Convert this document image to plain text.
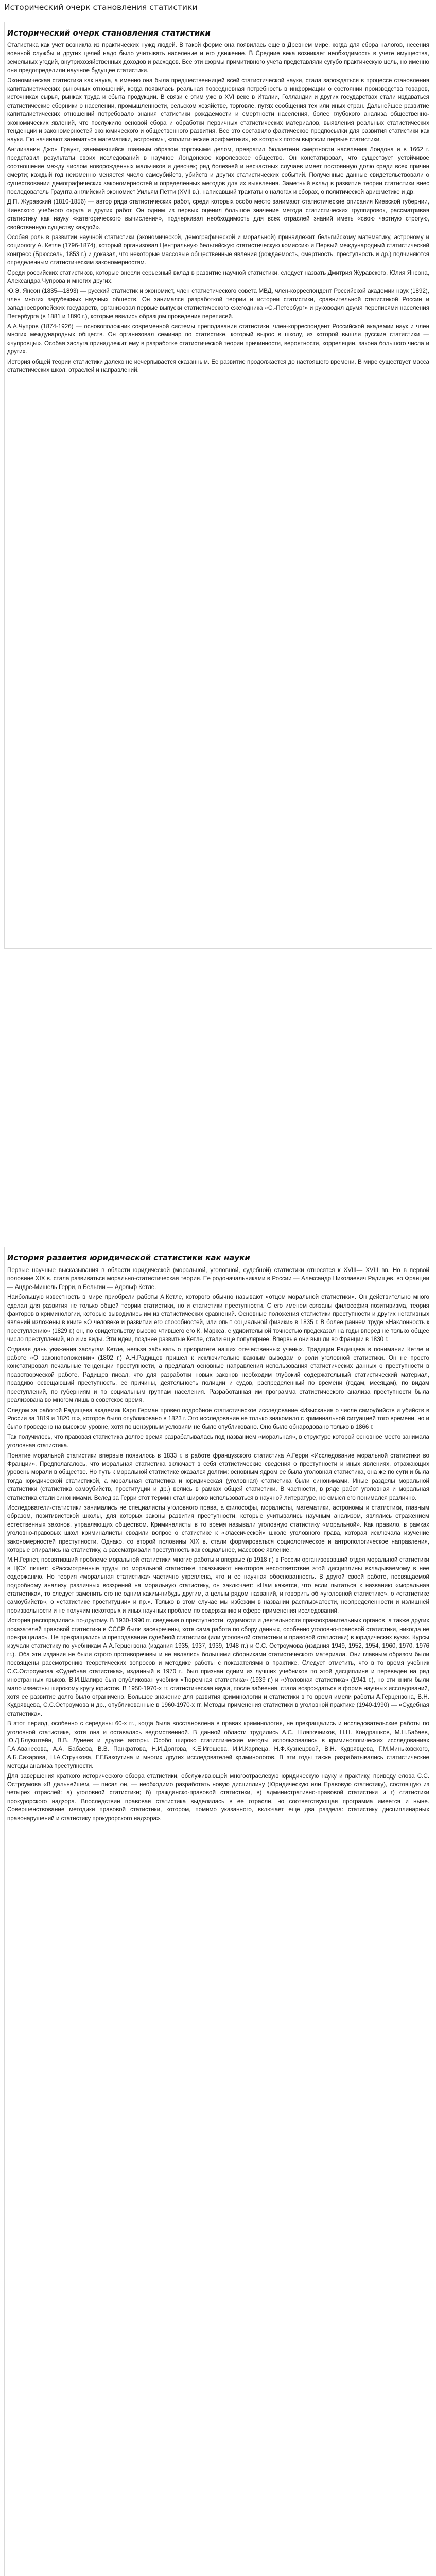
Исторический очерк становления статистики
Исторический очерк становления статистики

Статистика как учет возникла из практических нужд людей. В такой форме она появилась еще в Древнем мире, когда для сбора налогов, несения военной службы и других целей надо было учитывать население и его движение. В Средние века возникает необходимость в учете имущества, земельных угодий, внутрихозяйственных доходов и расходов. Все эти формы примитивного учета представляли сугубо практическую цель, но именно они предопределили научное будущее статистики.

Экономическая статистика как наука, а именно она была предшественницей всей статистической науки, стала зарождаться в процессе становления капиталистических рыночных отношений, когда появилась реальная повседневная потребность в информации о состоянии производства товаров, источниках сырья, рынках труда и сбыта продукции. В связи с этим уже в XVI веке в Италии, Голландии и других государствах стали издаваться статистические сборники о населении, промышленности, сельском хозяйстве, торговле, путях сообщения тех или иных стран. Дальнейшее развитие капиталистических отношений потребовало знания статистики рождаемости и смертности населения, более глубокого анализа общественно-экономических явлений, что послужило основой сбора и обработки первичных статистических материалов, выявления реальных статистических тенденций и закономерностей экономического и общественного развития. Все это составило фактическое предпосылки для развития статистики как науки. Ею начинают заниматься математики, астрономы, «политические арифметики», из которых потом выросли первые статистики.

Англичанин Джон Граунт, занимавшийся главным образом торговыми делом, превратил бюллетени смертности населения Лондона и в 1662 г. представил результаты своих исследований в научное Лондонское королевское общество. Он констатировал, что существует устойчивое соотношение между числом новорожденных мальчиков и девочек; ряд болезней и несчастных случаев имеет постоянную долю среди всех причин смерти; каждый год неизменно меняется число самоубийств, убийств и других статистических событий. Полученные данные свидетельствовали о существовании демографических закономерностей и определенных методов для их выявления. Заметный вклад в развитие теории статистики внес последователь Граунта английский экономист Уильям Петти (XVII в.), написавший трактаты о налогах и сборах, о политической арифметике и др.

Д.П. Журавский (1810-1856) — автор ряда статистических работ, среди которых особо место занимают статистические описания Киевской губернии, Киевского учебного округа и других работ. Он одним из первых оценил большое значение метода статистических группировок, рассматривая статистику как науку «категорического вычисления», подчеркивал необходимость для всех отраслей знаний иметь «свою частную строгую, свойственную существу каждой».

Особая роль в развитии научной статистики (экономической, демографической и моральной) принадлежит бельгийскому математику, астроному и социологу А. Кетле (1796-1874), который организовал Центральную бельгийскую статистическую комиссию и Первый международный статистический конгресс (Брюссель, 1853 г.) и доказал, что некоторые массовые общественные явления (рождаемость, смертность, преступность и др.) подчиняются определенным статистическим закономерностям.

Среди российских статистиков, которые внесли серьезный вклад в развитие научной статистики, следует назвать Дмитрия Журавского, Юлия Янсона, Александра Чупрова и многих других.

Ю.Э. Янсон (1835—1893) — русский статистик и экономист, член статистического совета МВД, член-корреспондент Российской академии наук (1892), член многих зарубежных научных обществ. Он занимался разработкой теории и истории статистики, сравнительной статистикой России и западноевропейских государств, организовал первые выпуски статистического ежегодника «С.-Петербург» и руководил двумя переписями населения Петербурга (в 1881 и 1890 г.), которые явились образцом проведения переписей.

А.А.Чупров (1874-1926) — основоположник современной системы преподавания статистики, член-корреспондент Российской академии наук и член многих международных обществ. Он организовал семинар по статистике, который вырос в школу, из которой вышли русские статистики — «чупровцы». Особая заслуга принадлежит ему в разработке статистической теории причинности, вероятности, корреляции, закона большого числа и других.

История общей теории статистики далеко не исчерпывается сказанным. Ее развитие продолжается до настоящего времени. В мире существует масса статистических школ, отраслей и направлений.

История развития юридической статистики как науки

Первые научные высказывания в области юридической (моральной, уголовной, судебной) статистики относятся к XVIII— XVIII вв. Но в первой половине XIX в. стала развиваться морально-статистическая теория. Ее родоначальниками в России — Александр Николаевич Радищев, во Франции — Андре-Мишель Герри, в Бельгии — Адольф Кетле.

Наибольшую известность в мире приобрели работы А.Кетле, которого обычно называют «отцом моральной статистики». Он действительно много сделал для развития не только общей теории статистики, но и статистики преступности. С его именем связаны философия позитивизма, теория факторов в криминологии, которые выводились им из статистических сравнений. Основные положения статистики преступности и других негативных явлений изложены в книге «О человеке и развитии его способностей, или опыт социальной физики» в 1835 г. В более раннем труде «Наклонность к преступлению» (1829 г.) он, по свидетельству высоко чтившего его К. Маркса, с удивительной точностью предсказал на годы вперед не только общее число преступлений, но и их виды. Эти идеи, позднее развитые Кетле, стали еще популярнее. Впервые они вышли во Франции в 1830 г.

Отдавая дань уважения заслугам Кетле, нельзя забывать о приоритете наших отечественных ученых. Традиции Радищева в понимании Кетле и работе «О законоположении» (1802 г.) А.Н.Радищев пришел к исключительно важным выводам о роли уголовной статистики. Он не просто констатировал печальные тенденции преступности, а предлагал основные направления использования статистических данных о преступности в правотворческой работе. Радищев писал, что для разработки новых законов необходим глубокий содержательный статистический материал, правдиво освещающий преступность, ее причины, деятельность полиции и судов, распределенный по времени (годам, месяцам), по видам преступлений, по губерниям и по социальным группам населения. Разработанная им программа статистического анализа преступности была реализована во многом лишь в советское время.

Следом за работой Радищева академик Карл Герман провел подробное статистическое исследование «Изыскания о числе самоубийств и убийств в России за 1819 и 1820 гг.», которое было опубликовано в 1823 г. Это исследование не только знакомило с криминальной ситуацией того времени, но и было проведено на высоком уровне, хотя по цензурным условиям не было опубликовано. Оно было обнародовано только в 1866 г.

Так получилось, что правовая статистика долгое время разрабатывалась под названием «моральная», в структуре которой основное место занимала уголовная статистика.

Понятие моральной статистики впервые появилось в 1833 г. в работе французского статистика А.Герри «Исследование моральной статистики во Франции». Предполагалось, что моральная статистика включает в себя статистические сведения о преступности и иных явлениях, отражающих уровень морали в обществе. Но путь к моральной статистике оказался долгим: основным ядром ее была уголовная статистика, она же по сути и была тогда юридической статистикой, а моральная статистика и юридическая (уголовная) статистика были синонимами. Иные разделы моральной статистики (статистика самоубийств, проституции и др.) велись в рамках общей статистики. В частности, в ряде работ уголовная и моральная статистика стали синонимами. Вслед за Герри этот термин стал широко использоваться в научной литературе, но смысл его понимался различно.

Исследователи-статистики занимались не специалисты уголовного права, а философы, моралисты, математики, астрономы и статистики, главным образом, позитивистской школы, для которых законы развития преступности, которые учитывались научным анализом, являлись отражением естественных законов, управляющих обществом. Криминалисты в то время называли уголовную статистику «моральной». Как правило, в рамках уголовно-правовых школ криминалисты сводили вопрос о статистике к «классической» школе уголовного права, которая исключала изучение закономерностей преступности. Однако, со второй половины XIX в. стали формироваться социологическое и антропологическое направления, которые опирались на статистику, а рассматривали преступность как социальное, массовое явление.

М.Н.Гернет, посвятивший проблеме моральной статистики многие работы и впервые (в 1918 г.) в России организовавший отдел моральной статистики в ЦСУ, пишет: «Рассмотренные труды по моральной статистике показывают некоторое несоответствие этой дисциплины вкладываемому в нее содержанию. Но теория «моральная статистика» частично укреплена, что и ее научная обоснованность. В другой своей работе, посвящаемой подробному анализу различных воззрений на моральную статистику, он заключает: «Нам кажется, что если пытаться к названию «моральная статистика», то следует заменить его не одним каким-нибудь другим, а целым рядом названий, и говорить об «уголовной статистике», о «статистике самоубийств», о «статистике проституции» и пр.». Только в этом случае мы избежим в названии расплывчатости, неопределенности и излишней произвольности и не получим некоторых и иных научных проблем по содержанию и сфере применения исследований.

История распорядилась по-другому. В 1930-1990 гг. сведения о преступности, судимости и деятельности правоохранительных органов, а также других показателей правовой статистики в СССР были засекречены, хотя сама работа по сбору данных, особенно уголовно-правовой статистики, никогда не прекращалась. Не прекращались и преподавание судебной статистики (или уголовной статистики и правовой статистики) в юридических вузах. Курсы изучали статистику по учебникам А.А.Герцензона (издания 1935, 1937, 1939, 1948 гг.) и С.С. Остроумова (издания 1949, 1952, 1954, 1960, 1970, 1976 гг.). Оба эти издания не были строго противоречивы и не являлись большими сборниками статистического материала. Они главным образом были посвящены рассмотрению теоретических вопросов и методике работы с показателями в практике. Следует отметить, что в то время учебник С.С.Остроумова «Судебная статистика», изданный в 1970 г., был признан одним из лучших учебников по этой дисциплине и переведен на ряд иностранных языков. В.И.Шапиро был опубликован учебник «Тюремная статистика» (1939 г.) и «Уголовная статистика» (1941 г.), но эти книги были мало известны широкому кругу юристов. В 1950-1970-х гг. статистическая наука, после забвения, стала возрождаться в форме научных исследований, хотя ее развитие долго было ограничено. Большое значение для развития криминологии и статистики в то время имели работы А.Герцензона, В.Н. Кудрявцева, С.С.Остроумова и др., опубликованные в 1960-1970-х гг. Методы применения статистики в уголовной практике (1940-1990) — «Судебная статистика».

В этот период, особенно с середины 60-х гг., когда была восстановлена в правах криминология, не прекращались и исследовательские работы по уголовной статистике, хотя она и оставалась ведомственной. В данной области трудились А.С. Шляпочников, Н.Н. Кондрашков, М.Н.Бабаев, Ю.Д.Блувштейн, В.В. Лунеев и другие авторы. Особо широко статистические методы использовались в криминологических исследованиях Г.А.Аванесова, А.А. Бабаева, В.В. Панкратова, Н.И.Долгова, К.Е.Игошева, И.И.Карпеца, Н.Ф.Кузнецовой, В.Н. Кудрявцева, Г.М.Миньковского, А.Б.Сахарова, Н.А.Стручкова, Г.Г.Бакоутина и многих других исследователей криминологов. В эти годы также разрабатывались статистические методы анализа преступности.

Для завершения краткого исторического обзора статистики, обслуживающей многоотраслевую юридическую науку и практику, приведу слова С.С. Остроумова «В дальнейшем, — писал он, — необходимо разработать новую дисциплину (Юридическую или Правовую статистику), состоящую из четырех отраслей: а) уголовной статистики; б) гражданско-правовой статистики, в) административно-правовой статистики и г) статистики прокурорского надзора. Впоследствии правовая статистика выделилась в ее отрасли, но соответствующая программа имеется и ныне. Совершенствование методики правовой статистики, котором, помимо указанного, включает еще два раздела: статистику дисциплинарных правонарушений и статистику прокурорского надзора».
